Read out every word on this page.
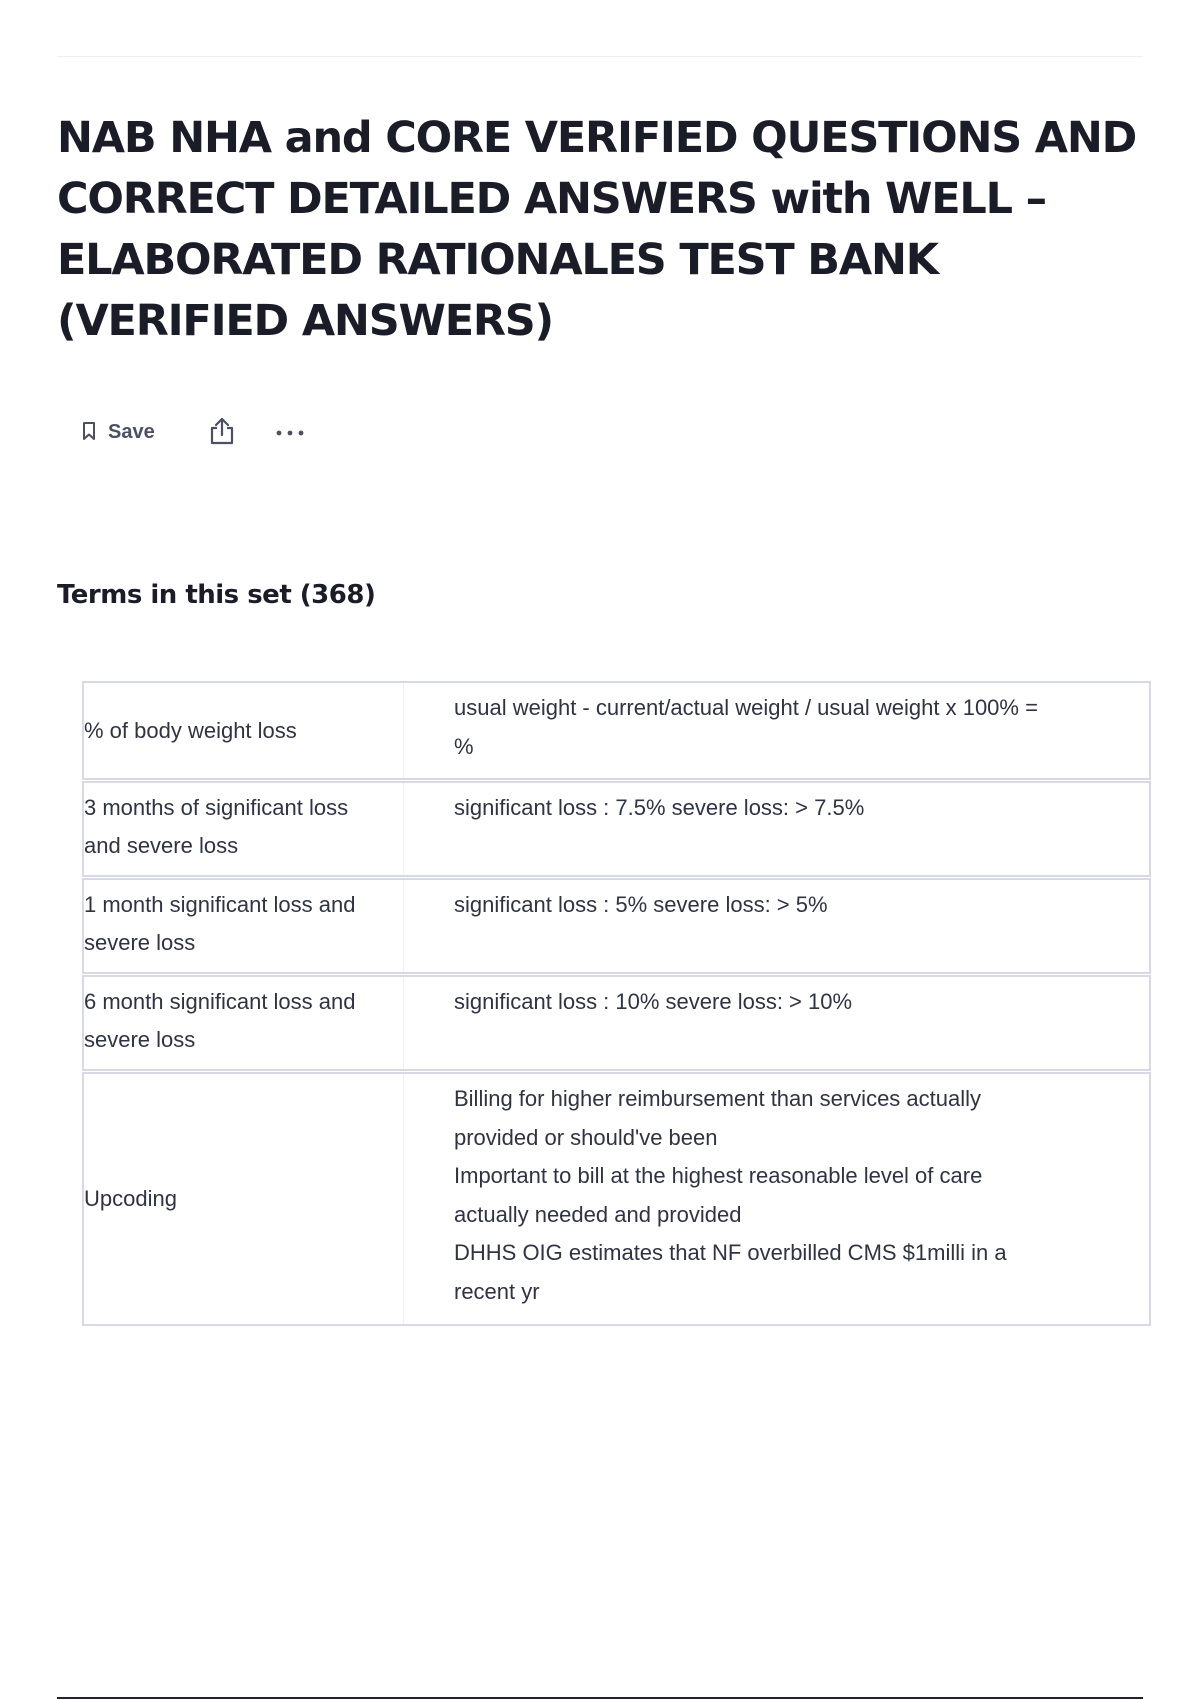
NAB NHA and CORE VERIFIED QUESTIONS AND CORRECT DETAILED ANSWERS with WELL – ELABORATED RATIONALES TEST BANK (VERIFIED ANSWERS)
Save
Terms in this set (368)
% of body weight loss
usual weight - current/actual weight / usual weight x 100% = %
3 months of significant loss and severe loss
significant loss : 7.5% severe loss: > 7.5%
1 month significant loss and severe loss
significant loss : 5% severe loss: > 5%
6 month significant loss and severe loss
significant loss : 10% severe loss: > 10%
Upcoding
Billing for higher reimbursement than services actually provided or should've been
Important to bill at the highest reasonable level of care actually needed and provided
DHHS OIG estimates that NF overbilled CMS $1milli in a recent yr
